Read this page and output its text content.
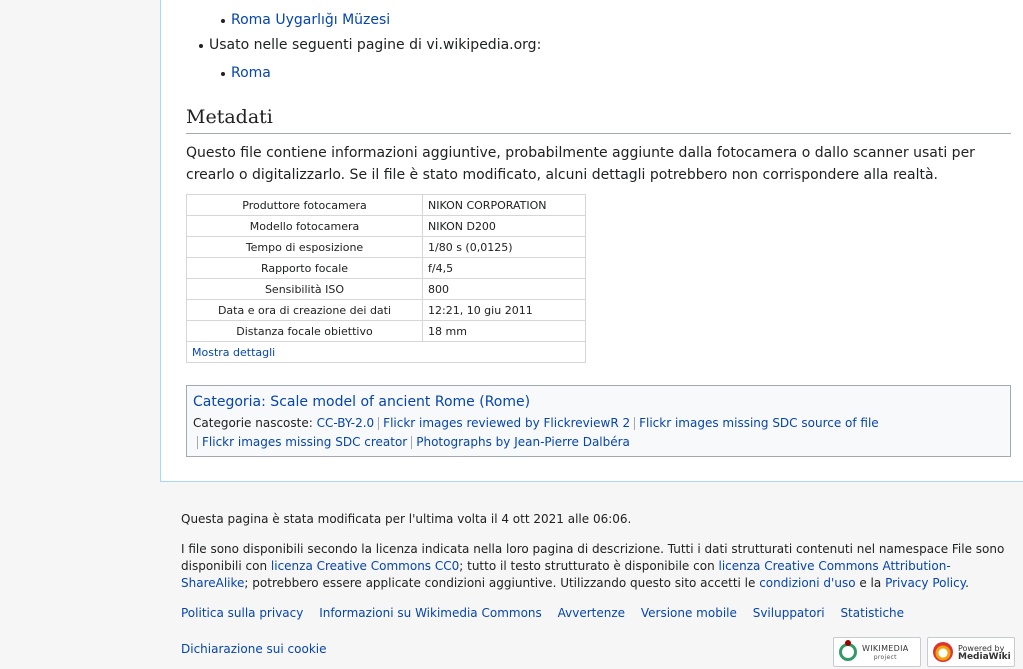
Roma Uygarlığı Müzesi
Usato nelle seguenti pagine di vi.wikipedia.org:
Roma
Metadati

Questo file contiene informazioni aggiuntive, probabilmente aggiunte dalla fotocamera o dallo scanner usati per crearlo o digitalizzarlo. Se il file è stato modificato, alcuni dettagli potrebbero non corrispondere alla realtà.

Produttore fotocamera	NIKON CORPORATION
Modello fotocamera	NIKON D200
Tempo di esposizione	1/80 s (0,0125)
Rapporto focale	f/4,5
Sensibilità ISO	800
Data e ora di creazione dei dati	12:21, 10 giu 2011
Distanza focale obiettivo	18 mm
Mostra dettagli	
Categoria: Scale model of ancient Rome (Rome)
Categorie nascoste: CC-BY-2.0 Flickr images reviewed by FlickreviewR 2 Flickr images missing SDC source of file
Flickr images missing SDC creator Photographs by Jean-Pierre Dalbéra

Questa pagina è stata modificata per l'ultima volta il 4 ott 2021 alle 06:06.

I file sono disponibili secondo la licenza indicata nella loro pagina di descrizione. Tutti i dati strutturati contenuti nel namespace File sono disponibili con licenza Creative Commons CC0; tutto il testo strutturato è disponibile con licenza Creative Commons Attribution-ShareAlike; potrebbero essere applicate condizioni aggiuntive. Utilizzando questo sito accetti le condizioni d'uso e la Privacy Policy.

Politica sulla privacy Informazioni su Wikimedia Commons Avvertenze Versione mobile Sviluppatori Statistiche
Dichiarazione sui cookie	WIKIMEDIA
project
Powered by
MediaWiki
